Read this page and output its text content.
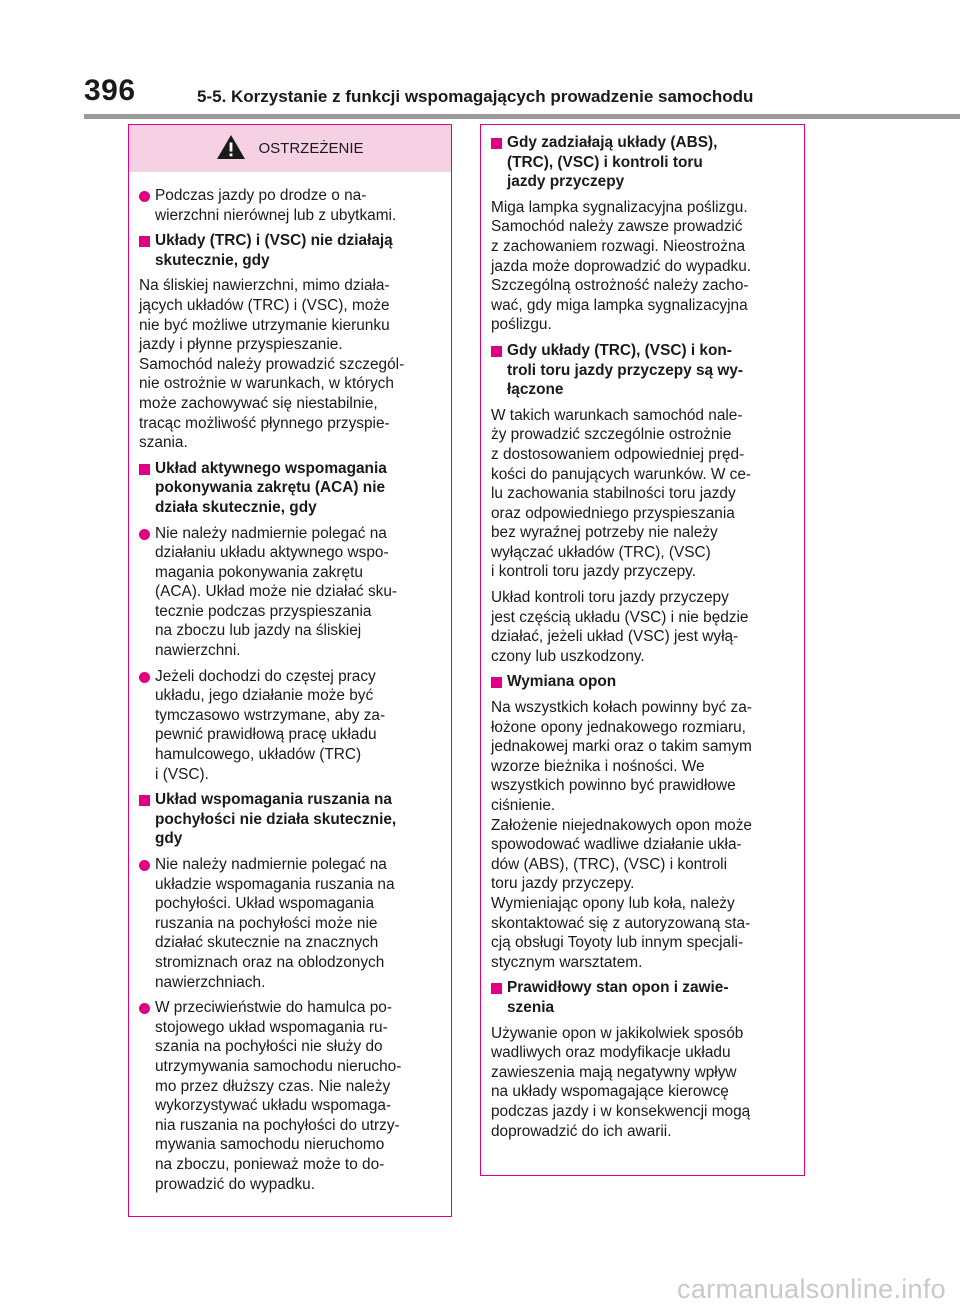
396	5-5. Korzystanie z funkcji wspomagających prowadzenie samochodu
OSTRZEŻENIE
Podczas jazdy po drodze o na-
wierzchni nierównej lub z ubytkami.
Układy (TRC) i (VSC) nie działają
skutecznie, gdy
Na śliskiej nawierzchni, mimo działa-
jących układów (TRC) i (VSC), może
nie być możliwe utrzymanie kierunku
jazdy i płynne przyspieszanie.
Samochód należy prowadzić szczegól-
nie ostrożnie w warunkach, w których
może zachowywać się niestabilnie,
tracąc możliwość płynnego przyspie-
szania.
Układ aktywnego wspomagania
pokonywania zakrętu (ACA) nie
działa skutecznie, gdy
Nie należy nadmiernie polegać na
działaniu układu aktywnego wspo-
magania pokonywania zakrętu
(ACA). Układ może nie działać sku-
tecznie podczas przyspieszania
na zboczu lub jazdy na śliskiej
nawierzchni.
Jeżeli dochodzi do częstej pracy
układu, jego działanie może być
tymczasowo wstrzymane, aby za-
pewnić prawidłową pracę układu
hamulcowego, układów (TRC)
i (VSC).
Układ wspomagania ruszania na
pochyłości nie działa skutecznie,
gdy
Nie należy nadmiernie polegać na
układzie wspomagania ruszania na
pochyłości. Układ wspomagania
ruszania na pochyłości może nie
działać skutecznie na znacznych
stromiznach oraz na oblodzonych
nawierzchniach.
W przeciwieństwie do hamulca po-
stojowego układ wspomagania ru-
szania na pochyłości nie służy do
utrzymywania samochodu nierucho-
mo przez dłuższy czas. Nie należy
wykorzystywać układu wspomaga-
nia ruszania na pochyłości do utrzy-
mywania samochodu nieruchomo
na zboczu, ponieważ może to do-
prowadzić do wypadku.
Gdy zadziałają układy (ABS),
(TRC), (VSC) i kontroli toru
jazdy przyczepy
Miga lampka sygnalizacyjna poślizgu.
Samochód należy zawsze prowadzić
z zachowaniem rozwagi. Nieostrożna
jazda może doprowadzić do wypadku.
Szczególną ostrożność należy zacho-
wać, gdy miga lampka sygnalizacyjna
poślizgu.
Gdy układy (TRC), (VSC) i kon-
troli toru jazdy przyczepy są wy-
łączone
W takich warunkach samochód nale-
ży prowadzić szczególnie ostrożnie
z dostosowaniem odpowiedniej pręd-
kości do panujących warunków. W ce-
lu zachowania stabilności toru jazdy
oraz odpowiedniego przyspieszania
bez wyraźnej potrzeby nie należy
wyłączać układów (TRC), (VSC)
i kontroli toru jazdy przyczepy.
Układ kontroli toru jazdy przyczepy
jest częścią układu (VSC) i nie będzie
działać, jeżeli układ (VSC) jest wyłą-
czony lub uszkodzony.
Wymiana opon
Na wszystkich kołach powinny być za-
łożone opony jednakowego rozmiaru,
jednakowej marki oraz o takim samym
wzorze bieżnika i nośności. We
wszystkich powinno być prawidłowe
ciśnienie.
Założenie niejednakowych opon może
spowodować wadliwe działanie ukła-
dów (ABS), (TRC), (VSC) i kontroli
toru jazdy przyczepy.
Wymieniając opony lub koła, należy
skontaktować się z autoryzowaną sta-
cją obsługi Toyoty lub innym specjali-
stycznym warsztatem.
Prawidłowy stan opon i zawie-
szenia
Używanie opon w jakikolwiek sposób
wadliwych oraz modyfikacje układu
zawieszenia mają negatywny wpływ
na układy wspomagające kierowcę
podczas jazdy i w konsekwencji mogą
doprowadzić do ich awarii.
carmanualsonline.info
